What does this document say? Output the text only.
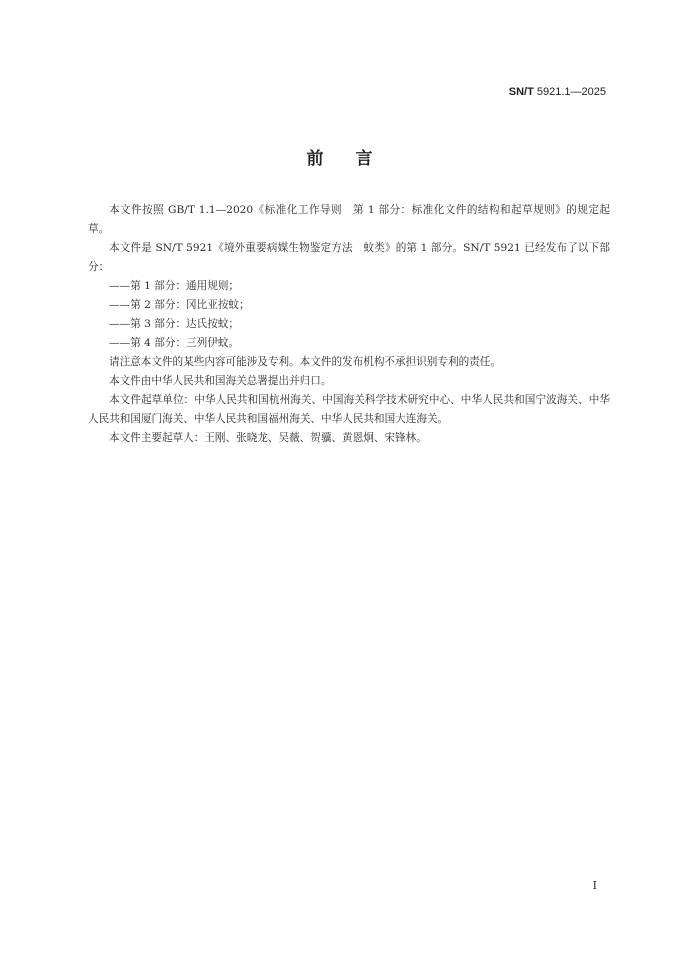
SN/T 5921.1—2025
前 言

本文件按照 GB/T 1.1—2020《标准化工作导则　第 1 部分：标准化文件的结构和起草规则》的规定起草。

本文件是 SN/T 5921《境外重要病媒生物鉴定方法　蚊类》的第 1 部分。SN/T 5921 已经发布了以下部分：

——第 1 部分：通用规则；

——第 2 部分：冈比亚按蚊；

——第 3 部分：达氏按蚊；

——第 4 部分：三列伊蚊。

请注意本文件的某些内容可能涉及专利。本文件的发布机构不承担识别专利的责任。

本文件由中华人民共和国海关总署提出并归口。

本文件起草单位：中华人民共和国杭州海关、中国海关科学技术研究中心、中华人民共和国宁波海关、中华人民共和国厦门海关、中华人民共和国福州海关、中华人民共和国大连海关。

本文件主要起草人：王刚、张晓龙、吴薇、贺骥、黄恩炯、宋锋林。

I
